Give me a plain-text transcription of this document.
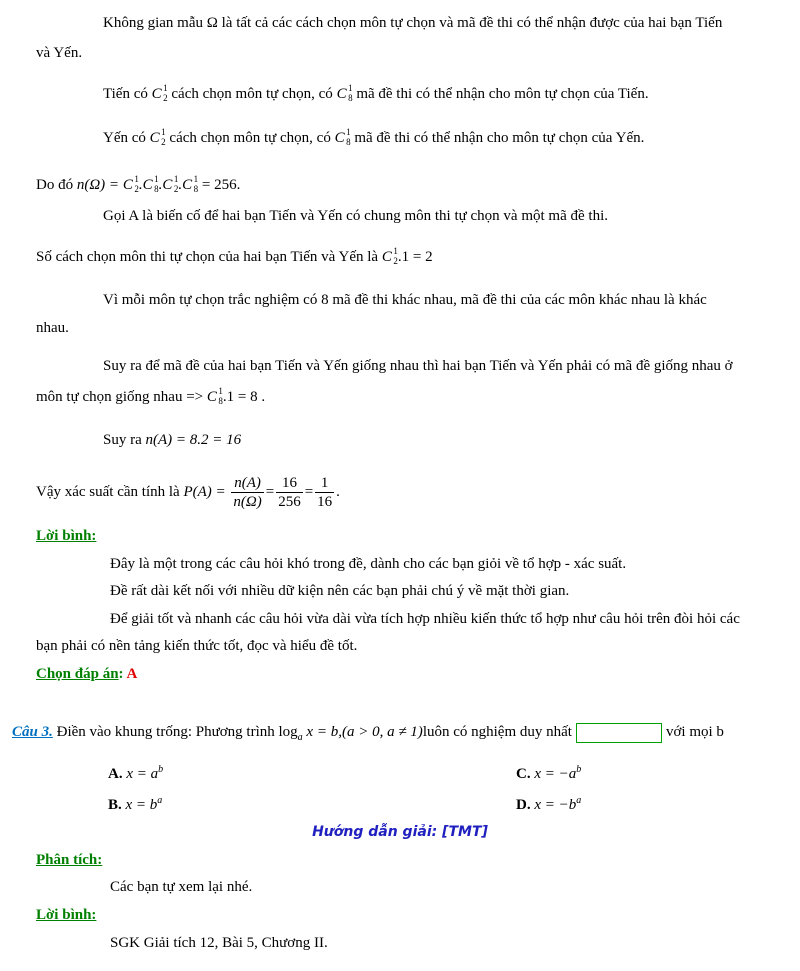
Không gian mẫu Ω là tất cả các cách chọn môn tự chọn và mã đề thi có thể nhận được của hai bạn Tiến
và Yến.
Tiến có C 1
2 cách chọn môn tự chọn, có C 1
8 mã đề thi có thể nhận cho môn tự chọn của Tiến.
Yến có C 1
2 cách chọn môn tự chọn, có C 1
8 mã đề thi có thể nhận cho môn tự chọn của Yến.
Do đó n(Ω) = C 1
2 .C 1
8 .C 1
2 .C 1
8 = 256.
Gọi A là biến cố để hai bạn Tiến và Yến có chung môn thi tự chọn và một mã đề thi.
Số cách chọn môn thi tự chọn của hai bạn Tiến và Yến là C 1
2 .1 = 2
Vì mỗi môn tự chọn trắc nghiệm có 8 mã đề thi khác nhau, mã đề thi của các môn khác nhau là khác
nhau.
Suy ra để mã đề của hai bạn Tiến và Yến giống nhau thì hai bạn Tiến và Yến phải có mã đề giống nhau ở
môn tự chọn giống nhau => C 1
8 .1 = 8 .
Suy ra n(A) = 8.2 = 16
Vậy xác suất cần tính là $P(A) = \frac{n(A)}{n(\Omega)} = \frac{16}{256} = \frac{1}{16}$ .
Lời bình:
Đây là một trong các câu hỏi khó trong đề, dành cho các bạn giỏi về tổ hợp - xác suất.
Đề rất dài kết nối với nhiều dữ kiện nên các bạn phải chú ý về mặt thời gian.
Để giải tốt và nhanh các câu hỏi vừa dài vừa tích hợp nhiều kiến thức tổ hợp như câu hỏi trên đòi hỏi các
bạn phải có nền tảng kiến thức tốt, đọc và hiểu đề tốt.
Chọn đáp án: A
Câu 3. Điền vào khung trống: Phương trình $\log_a x = b,(a > 0$, a ≠ 1)luôn có nghiệm duy nhất	với mọi b
A. $x = a^b$	C. $x = -a^b$
B. $x = b^a$	D. $x = -b^a$
Hướng dẫn giải: [TMT]
Phân tích:
Các bạn tự xem lại nhé.
Lời bình:
SGK Giải tích 12, Bài 5, Chương II.
